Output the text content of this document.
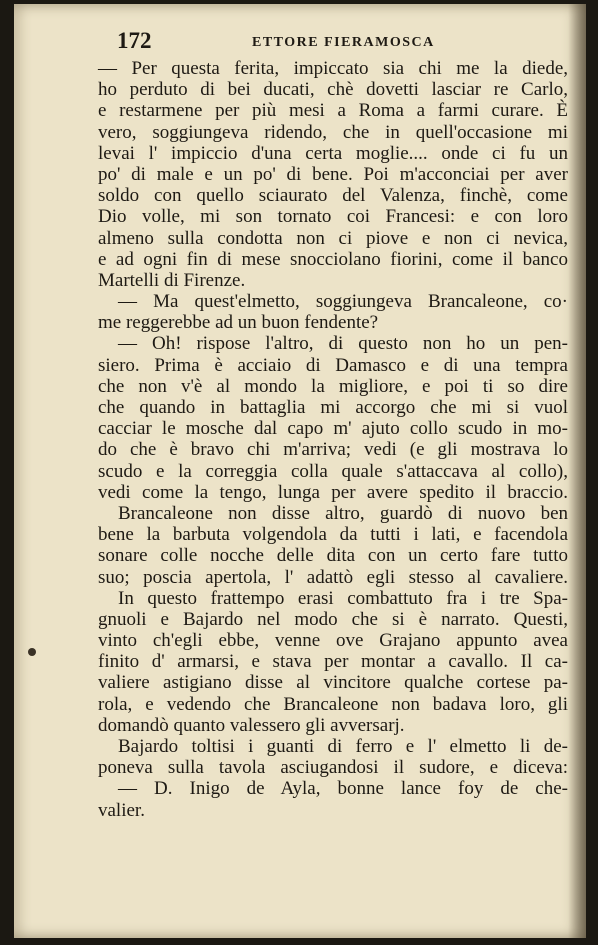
172	ETTORE FIERAMOSCA
— Per questa ferita, impiccato sia chi me la diede,
ho perduto di bei ducati, chè dovetti lasciar re Carlo,
e restarmene per più mesi a Roma a farmi curare. È
vero, soggiungeva ridendo, che in quell'occasione mi
levai l' impiccio d'una certa moglie.... onde ci fu un
po' di male e un po' di bene. Poi m'acconciai per aver
soldo con quello sciaurato del Valenza, finchè, come
Dio volle, mi son tornato coi Francesi: e con loro
almeno sulla condotta non ci piove e non ci nevica,
e ad ogni fin di mese snocciolano fiorini, come il banco
Martelli di Firenze.
— Ma quest'elmetto, soggiungeva Brancaleone, co·
me reggerebbe ad un buon fendente?
— Oh! rispose l'altro, di questo non ho un pen-
siero. Prima è acciaio di Damasco e di una tempra
che non v'è al mondo la migliore, e poi ti so dire
che quando in battaglia mi accorgo che mi si vuol
cacciar le mosche dal capo m' ajuto collo scudo in mo-
do che è bravo chi m'arriva; vedi (e gli mostrava lo
scudo e la correggia colla quale s'attaccava al collo),
vedi come la tengo, lunga per avere spedito il braccio.
Brancaleone non disse altro, guardò di nuovo ben
bene la barbuta volgendola da tutti i lati, e facendola
sonare colle nocche delle dita con un certo fare tutto
suo; poscia apertola, l' adattò egli stesso al cavaliere.
In questo frattempo erasi combattuto fra i tre Spa-
gnuoli e Bajardo nel modo che si è narrato. Questi,
vinto ch'egli ebbe, venne ove Grajano appunto avea
finito d' armarsi, e stava per montar a cavallo. Il ca-
valiere astigiano disse al vincitore qualche cortese pa-
rola, e vedendo che Brancaleone non badava loro, gli
domandò quanto valessero gli avversarj.
Bajardo toltisi i guanti di ferro e l' elmetto li de-
poneva sulla tavola asciugandosi il sudore, e diceva:
— D. Inigo de Ayla, bonne lance foy de che-
valier.
